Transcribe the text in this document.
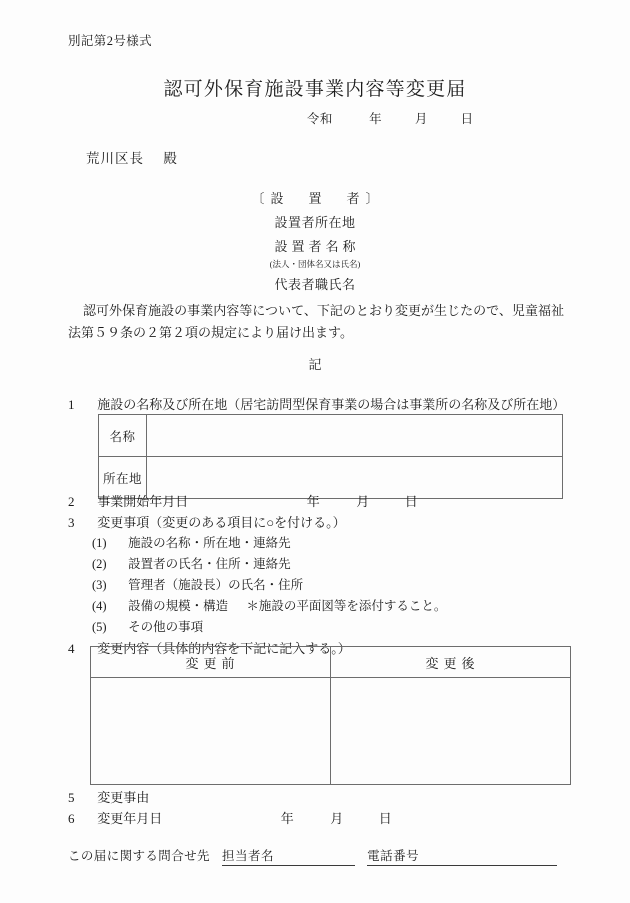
別記第2号様式
認可外保育施設事業内容等変更届
令和	年	月	日
荒川区長 殿
〔設　置　者〕
設置者所在地
設置者名称
(法人・団体名又は氏名)
代表者職氏名
認可外保育施設の事業内容等について、下記のとおり変更が生じたので、児童福祉法第５９条の２第２項の規定により届け出ます。
記
1 施設の名称及び所在地（居宅訪問型保育事業の場合は事業所の名称及び所在地）
名称	
所在地	
2 事業開始年月日	年	月	日
3 変更事項（変更のある項目に○を付ける。）
(1) 施設の名称・所在地・連絡先
(2) 設置者の氏名・住所・連絡先
(3) 管理者（施設長）の氏名・住所
(4) 設備の規模・構造 ＊施設の平面図等を添付すること。
(5) その他の事項
4 変更内容（具体的内容を下記に記入する。）
変更前	変更後

5 変更事由
6 変更年月日	年	月	日
この届に関する問合せ先 担当者名	電話番号
